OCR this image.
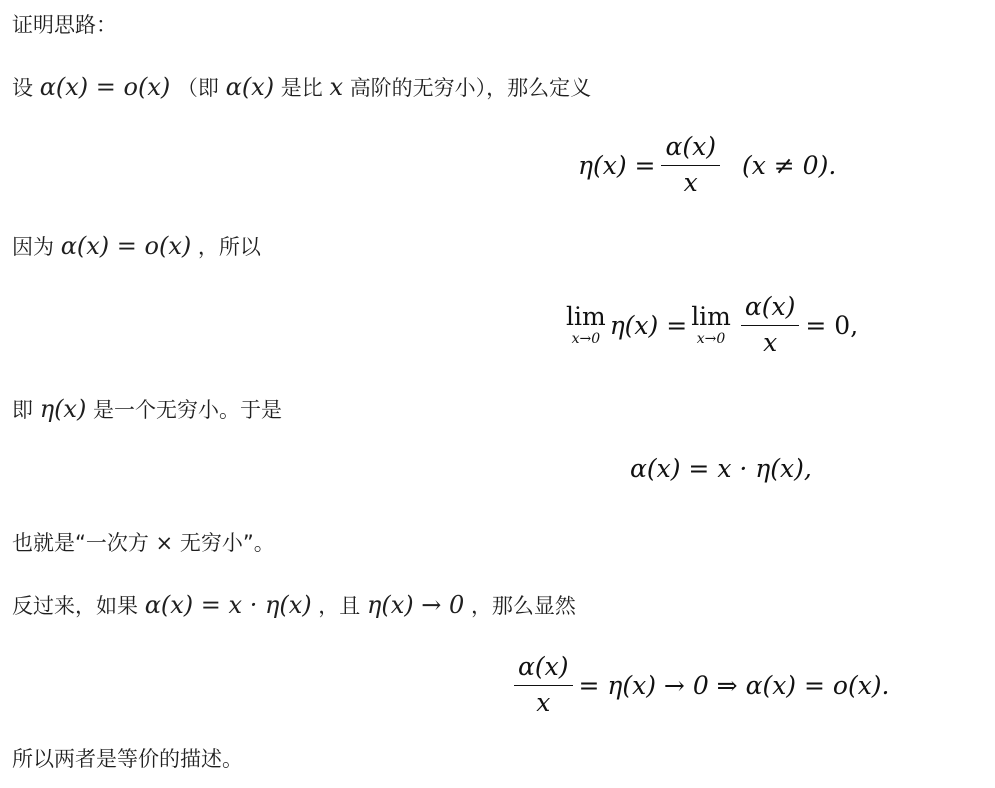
证明思路：
设 α(x) = o(x) （即 α(x) 是比 x 高阶的无穷小），那么定义
$\eta(x) = \frac{\alpha(x)}{x} (x \ne 0)$.
因为 α(x) = o(x) ，所以
lim
x→0 η(x) = lim
$x\to 0 \frac{\alpha(x)}{x} = 0$,
即 η(x) 是一个无穷小。于是
α(x) = x · η(x),
也就是“一次方 × 无穷小”。
反过来，如果 α(x) = x · η(x) ，且 η(x) → 0 ，那么显然
$\frac{\alpha(x)}{x} = \eta(x) \to 0$ ⇒ α(x) = o(x).
所以两者是等价的描述。
